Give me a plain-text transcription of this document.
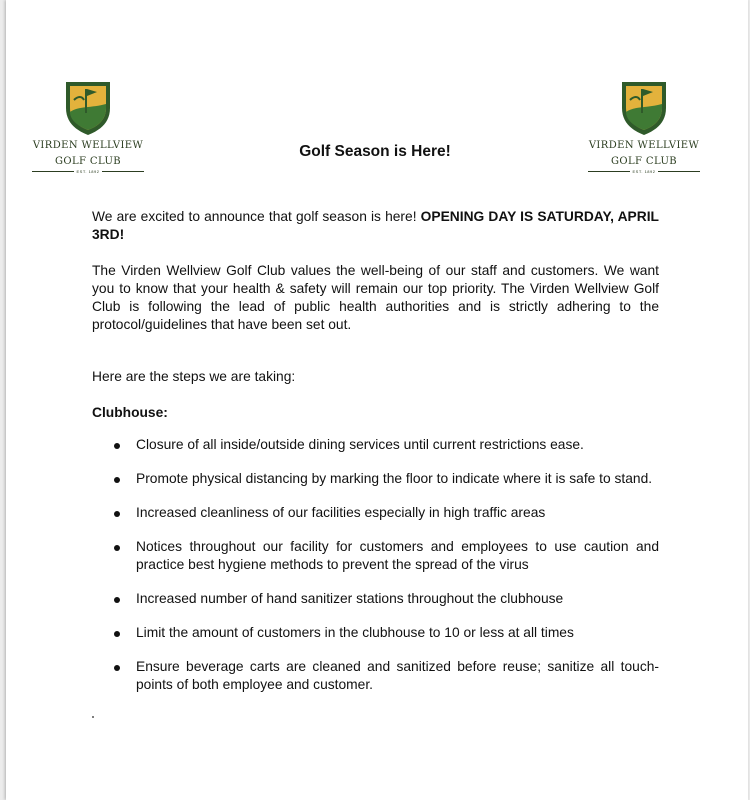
VIRDEN WELLVIEW
GOLF CLUB
EST. 1892
VIRDEN WELLVIEW
GOLF CLUB
EST. 1892
Golf Season is Here!

We are excited to announce that golf season is here! OPENING DAY IS SATURDAY, APRIL 3RD!

The Virden Wellview Golf Club values the well-being of our staff and customers. We want you to know that your health & safety will remain our top priority. The Virden Wellview Golf Club is following the lead of public health authorities and is strictly adhering to the protocol/guidelines that have been set out.

Here are the steps we are taking:

Clubhouse:

Closure of all inside/outside dining services until current restrictions ease.
Promote physical distancing by marking the floor to indicate where it is safe to stand.
Increased cleanliness of our facilities especially in high traffic areas
Notices throughout our facility for customers and employees to use caution and practice best hygiene methods to prevent the spread of the virus
Increased number of hand sanitizer stations throughout the clubhouse
Limit the amount of customers in the clubhouse to 10 or less at all times
Ensure beverage carts are cleaned and sanitized before reuse; sanitize all touch-points of both employee and customer.
